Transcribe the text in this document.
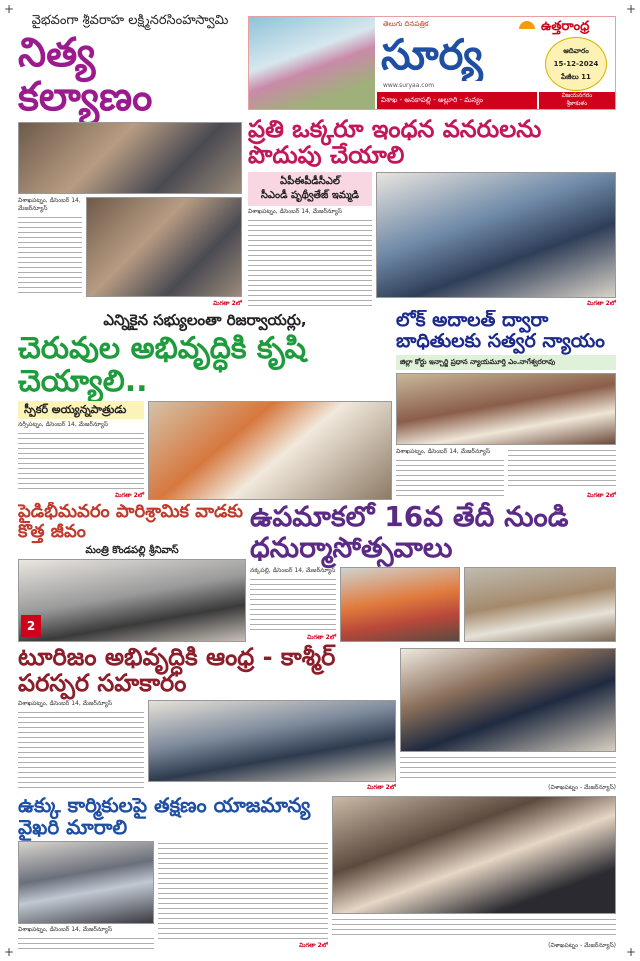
+	+
+	+
వైభవంగా శ్రీవరాహ లక్ష్మీనరసింహస్వామి
నిత్య కల్యాణం
విశాఖపట్నం, డిసెంబర్ 14, మేజర్‌న్యూస్
మిగతా 2లో
తెలుగు దినపత్రిక
సూర్య
www.suryaa.com
ఉత్తరాంధ్ర
ఆదివారం
15-12-2024
పేజీలు 11
విశాఖ - అనకాపల్లి - అల్లూరి - మన్యం
విజయనగరం
శ్రీకాకుళం
ప్రతి ఒక్కరూ ఇంధన వనరులను పొదుపు చేయాలి
ఏపీఈపీడీసీఎల్
సీఎండీ పృథ్వీతేజ్ ఇమ్మడి
విశాఖపట్నం, డిసెంబర్ 14, మేజర్‌న్యూస్
మిగతా 2లో
ఎన్నికైన సభ్యులంతా రిజర్వాయర్లు,
చెరువుల అభివృద్ధికి కృషి చెయ్యాలి..
స్పీకర్ అయ్యన్నపాత్రుడు
నర్సీపట్నం, డిసెంబర్ 14, మేజర్‌న్యూస్
మిగతా 2లో
లోక్ అదాలత్ ద్వారా బాధితులకు సత్వర న్యాయం
జిల్లా కోర్టు ఇన్చార్జి ప్రధాన న్యాయమూర్తి ఎం.నాగేశ్వరరావు
విశాఖపట్నం, డిసెంబర్ 14, మేజర్‌న్యూస్
మిగతా 2లో
పైడిభీమవరం పారిశ్రామిక వాడకు కొత్త జీవం
మంత్రి కొండపల్లి శ్రీనివాస్
2
ఉపమాకలో 16వ తేదీ నుండి ధనుర్మాసోత్సవాలు
నక్కపల్లి, డిసెంబర్ 14, మేజర్‌న్యూస్
మిగతా 2లో
టూరిజం అభివృద్ధికి ఆంధ్ర - కాశ్మీర్ పరస్పర సహకారం
విశాఖపట్నం, డిసెంబర్ 14, మేజర్‌న్యూస్
మిగతా 2లో	(విశాఖపట్నం - మేజర్‌న్యూస్)
ఉక్కు కార్మికులపై తక్షణం యాజమాన్య వైఖరి మారాలి
విశాఖపట్నం, డిసెంబర్ 14, మేజర్‌న్యూస్
మిగతా 2లో	(విశాఖపట్నం - మేజర్‌న్యూస్)
